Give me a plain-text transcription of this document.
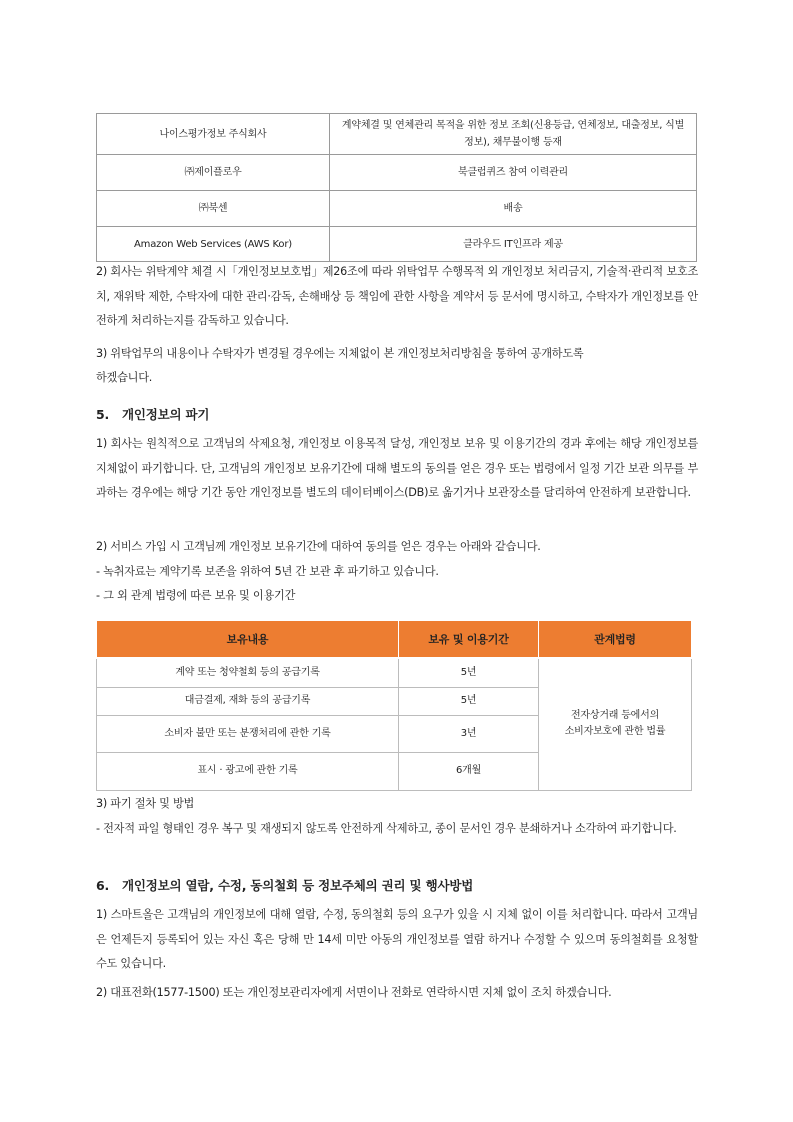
나이스평가정보 주식회사	계약체결 및 연체관리 목적을 위한 정보 조회(신용등급, 연체정보, 대출정보, 식별정보), 채무불이행 등재
㈜제이플로우	북클럽퀴즈 참여 이력관리
㈜북센	배송
Amazon Web Services (AWS Kor)	클라우드 IT인프라 제공

2) 회사는 위탁계약 체결 시「개인정보보호법」제26조에 따라 위탁업무 수행목적 외 개인정보 처리금지, 기술적·관리적 보호조치, 재위탁 제한, 수탁자에 대한 관리·감독, 손해배상 등 책임에 관한 사항을 계약서 등 문서에 명시하고, 수탁자가 개인정보를 안전하게 처리하는지를 감독하고 있습니다.

3) 위탁업무의 내용이나 수탁자가 변경될 경우에는 지체없이 본 개인정보처리방침을 통하여 공개하도록

하겠습니다.

5. 개인정보의 파기

1) 회사는 원칙적으로 고객님의 삭제요청, 개인정보 이용목적 달성, 개인정보 보유 및 이용기간의 경과 후에는 해당 개인정보를 지체없이 파기합니다. 단, 고객님의 개인정보 보유기간에 대해 별도의 동의를 얻은 경우 또는 법령에서 일정 기간 보관 의무를 부과하는 경우에는 해당 기간 동안 개인정보를 별도의 데이터베이스(DB)로 옮기거나 보관장소를 달리하여 안전하게 보관합니다.

2) 서비스 가입 시 고객님께 개인정보 보유기간에 대하여 동의를 얻은 경우는 아래와 같습니다.

- 녹취자료는 계약기록 보존을 위하여 5년 간 보관 후 파기하고 있습니다.

- 그 외 관계 법령에 따른 보유 및 이용기간

보유내용	보유 및 이용기간	관계법령
계약 또는 청약철회 등의 공급기록	5년	전자상거래 등에서의
소비자보호에 관한 법률
대금결제, 재화 등의 공급기록	5년	
소비자 불만 또는 분쟁처리에 관한 기록	3년	
표시 · 광고에 관한 기록	6개월	

3) 파기 절차 및 방법

- 전자적 파일 형태인 경우 복구 및 재생되지 않도록 안전하게 삭제하고, 종이 문서인 경우 분쇄하거나 소각하여 파기합니다.

6. 개인정보의 열람, 수정, 동의철회 등 정보주체의 권리 및 행사방법

1) 스마트올은 고객님의 개인정보에 대해 열람, 수정, 동의철회 등의 요구가 있을 시 지체 없이 이를 처리합니다. 따라서 고객님은 언제든지 등록되어 있는 자신 혹은 당해 만 14세 미만 아동의 개인정보를 열람 하거나 수정할 수 있으며 동의철회를 요청할 수도 있습니다.

2) 대표전화(1577-1500) 또는 개인정보관리자에게 서면이나 전화로 연락하시면 지체 없이 조치 하겠습니다.
